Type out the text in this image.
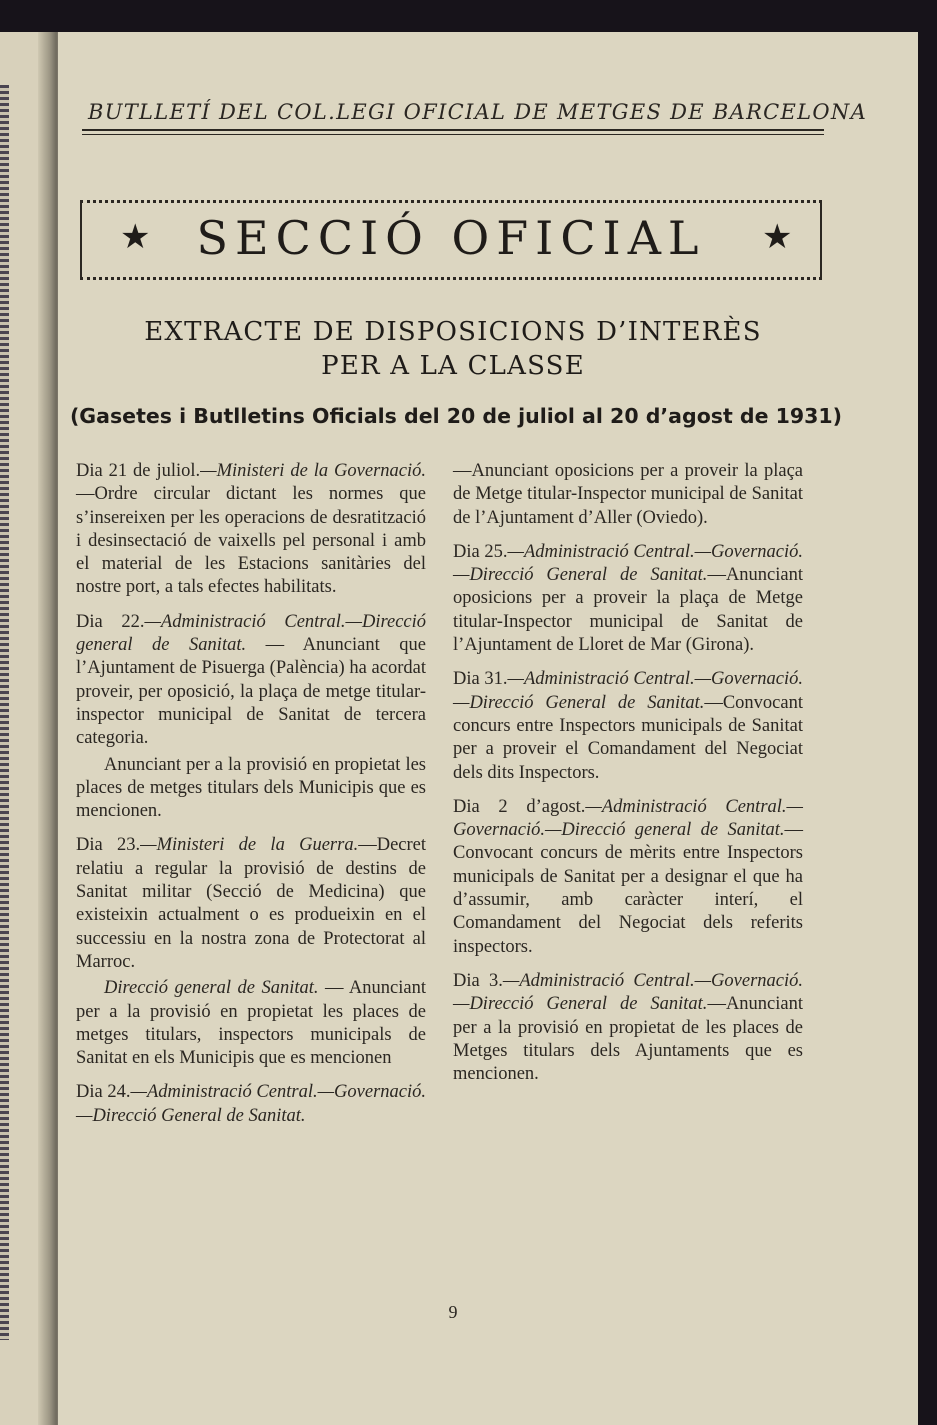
BUTLLETÍ DEL COL.LEGI OFICIAL DE METGES DE BARCELONA
★	SECCIÓ OFICIAL	★
EXTRACTE DE DISPOSICIONS D’INTERÈS
PER A LA CLASSE
(Gasetes i Butlletins Oficials del 20 de juliol al 20 d’agost de 1931)

Dia 21 de juliol.—Ministeri de la Governació.—Ordre circular dictant les normes que s’insereixen per les operacions de desratització i desinsectació de vaixells pel personal i amb el material de les Estacions sanitàries del nostre port, a tals efectes habilitats.

Dia 22.—Administració Central.—Direcció general de Sanitat. — Anunciant que l’Ajuntament de Pisuerga (Palència) ha acordat proveir, per oposició, la plaça de metge titular-inspector municipal de Sanitat de tercera categoria.

Anunciant per a la provisió en propietat les places de metges titulars dels Municipis que es mencionen.

Dia 23.—Ministeri de la Guerra.—Decret relatiu a regular la provisió de destins de Sanitat militar (Secció de Medicina) que existeixin actualment o es produeixin en el successiu en la nostra zona de Protectorat al Marroc.

Direcció general de Sanitat. — Anunciant per a la provisió en propietat les places de metges titulars, inspectors municipals de Sanitat en els Municipis que es mencionen

Dia 24.—Administració Central.—Governació.—Direcció General de Sanitat.

—Anunciant oposicions per a proveir la plaça de Metge titular-Inspector municipal de Sanitat de l’Ajuntament d’Aller (Oviedo).

Dia 25.—Administració Central.—Governació.—Direcció General de Sanitat.—Anunciant oposicions per a proveir la plaça de Metge titular-Inspector municipal de Sanitat de l’Ajuntament de Lloret de Mar (Girona).

Dia 31.—Administració Central.—Governació.—Direcció General de Sanitat.—Convocant concurs entre Inspectors municipals de Sanitat per a proveir el Comandament del Negociat dels dits Inspectors.

Dia 2 d’agost.—Administració Central.—Governació.—Direcció general de Sanitat.—Convocant concurs de mèrits entre Inspectors municipals de Sanitat per a designar el que ha d’assumir, amb caràcter interí, el Comandament del Negociat dels referits inspectors.

Dia 3.—Administració Central.—Governació.—Direcció General de Sanitat.—Anunciant per a la provisió en propietat de les places de Metges titulars dels Ajuntaments que es mencionen.

9
